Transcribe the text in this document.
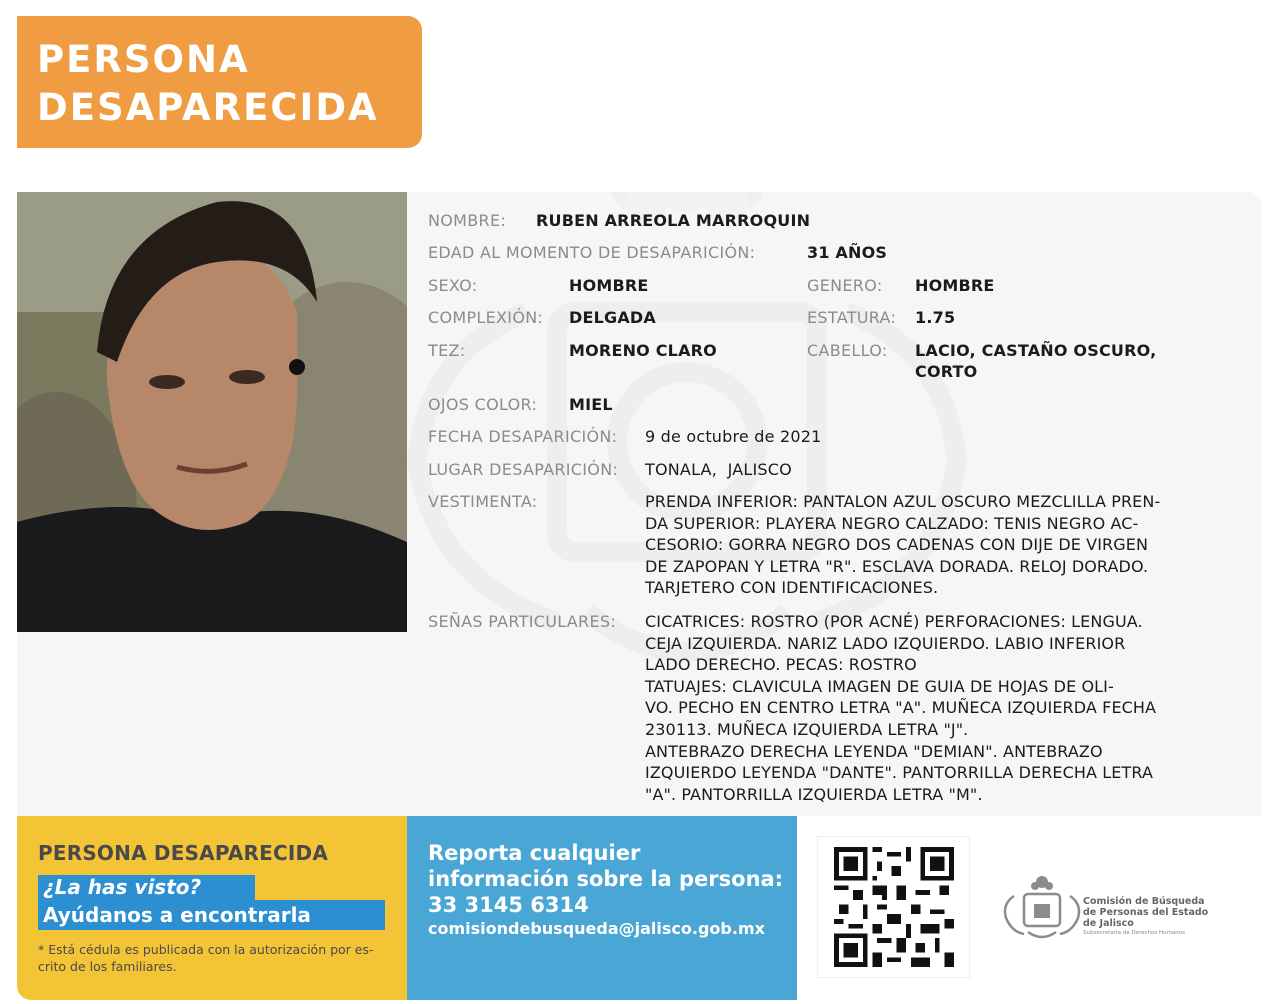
PERSONA
DESAPARECIDA
NOMBRE: RUBEN ARREOLA MARROQUIN
EDAD AL MOMENTO DE DESAPARICIÓN:	31 AÑOS
SEXO:	HOMBRE	GENERO: HOMBRE
COMPLEXIÓN: DELGADA	ESTATURA: 1.75
TEZ:	MORENO CLARO	CABELLO: LACIO, CASTAÑO OSCURO,
CORTO
OJOS COLOR: MIEL
FECHA DESAPARICIÓN: 9 de octubre de 2021
LUGAR DESAPARICIÓN: TONALA,  JALISCO
VESTIMENTA:	PRENDA INFERIOR: PANTALON AZUL OSCURO MEZCLILLA PREN-
DA SUPERIOR: PLAYERA NEGRO CALZADO: TENIS NEGRO AC-
CESORIO: GORRA NEGRO DOS CADENAS CON DIJE DE VIRGEN
DE ZAPOPAN Y LETRA "R". ESCLAVA DORADA. RELOJ DORADO.
TARJETERO CON IDENTIFICACIONES.
SEÑAS PARTICULARES: CICATRICES: ROSTRO (POR ACNÉ) PERFORACIONES: LENGUA.
CEJA IZQUIERDA. NARIZ LADO IZQUIERDO. LABIO INFERIOR
LADO DERECHO. PECAS: ROSTRO
TATUAJES: CLAVICULA IMAGEN DE GUIA DE HOJAS DE OLI-
VO. PECHO EN CENTRO LETRA "A". MUÑECA IZQUIERDA FECHA
230113. MUÑECA IZQUIERDA LETRA "J".
ANTEBRAZO DERECHA LEYENDA "DEMIAN". ANTEBRAZO
IZQUIERDO LEYENDA "DANTE". PANTORRILLA DERECHA LETRA
"A". PANTORRILLA IZQUIERDA LETRA "M".
PERSONA DESAPARECIDA
¿La has visto?
Ayúdanos a encontrarla
* Está cédula es publicada con la autorización por es-
crito de los familiares.
Reporta cualquier
información sobre la persona:
33 3145 6314
comisiondebusqueda@jalisco.gob.mx
Comisión de Búsqueda
de Personas del Estado
de Jalisco
Subsecretaría de Derechos Humanos
